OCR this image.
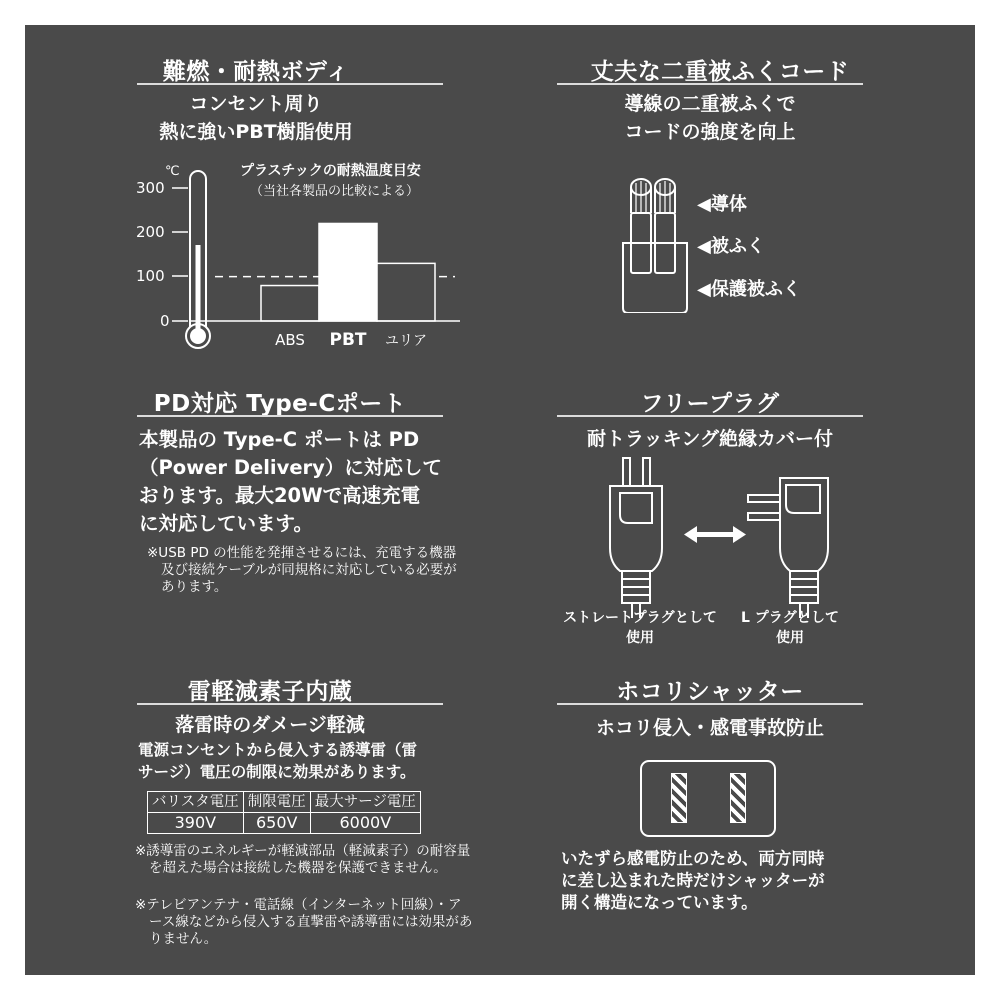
難燃・耐熱ボディ
コンセント周り
熱に強いPBT樹脂使用
℃
300
200
100
0
プラスチックの耐熱温度目安
（当社各製品の比較による）
ABS PBT ユリア
丈夫な二重被ふくコード
導線の二重被ふくで
コードの強度を向上
◀導体
◀被ふく
◀保護被ふく
PD対応 Type-Cポート
本製品の Type-C ポートは PD
（Power Delivery）に対応して
おります。最大20Wで高速充電
に対応しています。
※USB PD の性能を発揮させるには、充電する機器及び接続ケーブルが同規格に対応している必要があります。
フリープラグ
耐トラッキング絶縁カバー付
ストレートプラグとして
使用
L プラグとして
使用
雷軽減素子内蔵
落雷時のダメージ軽減
電源コンセントから侵入する誘導雷（雷
サージ）電圧の制限に効果があります。
バリスタ電圧	制限電圧	最大サージ電圧
390V	650V	6000V
※誘導雷のエネルギーが軽減部品（軽減素子）の耐容量を超えた場合は接続した機器を保護できません。
※テレビアンテナ・電話線（インターネット回線）・アース線などから侵入する直撃雷や誘導雷には効果がありません。
ホコリシャッター
ホコリ侵入・感電事故防止
いたずら感電防止のため、両方同時
に差し込まれた時だけシャッターが
開く構造になっています。
